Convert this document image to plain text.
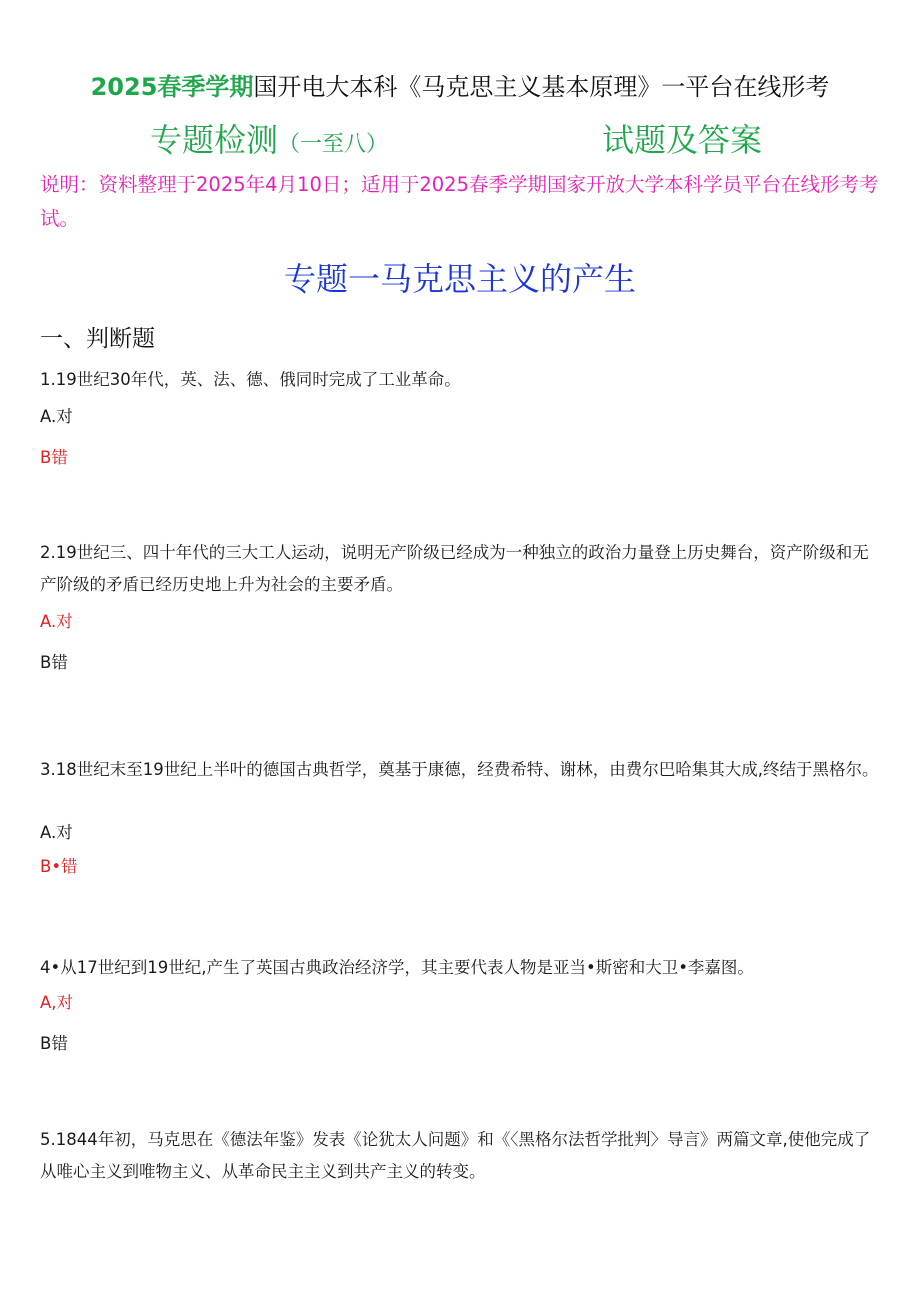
2025春季学期国开电大本科《马克思主义基本原理》一平台在线形考
专题检测（一至八）	试题及答案
说明：资料整理于2025年4月10日；适用于2025春季学期国家开放大学本科学员平台在线形考考试。
专题一马克思主义的产生
一、判断题
1.19世纪30年代，英、法、德、俄同时完成了工业革命。
A.对
B错
2.19世纪三、四十年代的三大工人运动，说明无产阶级已经成为一种独立的政治力量登上历史舞台，资产阶级和无产阶级的矛盾已经历史地上升为社会的主要矛盾。
A.对
B错
3.18世纪末至19世纪上半叶的德国古典哲学，奠基于康德，经费希特、谢林，由费尔巴哈集其大成,终结于黑格尔。
A.对
B•错
4•从17世纪到19世纪,产生了英国古典政治经济学，其主要代表人物是亚当•斯密和大卫•李嘉图。
A,对
B错
5.1844年初，马克思在《德法年鉴》发表《论犹太人问题》和《〈黑格尔法哲学批判〉导言》两篇文章,使他完成了从唯心主义到唯物主义、从革命民主主义到共产主义的转变。
